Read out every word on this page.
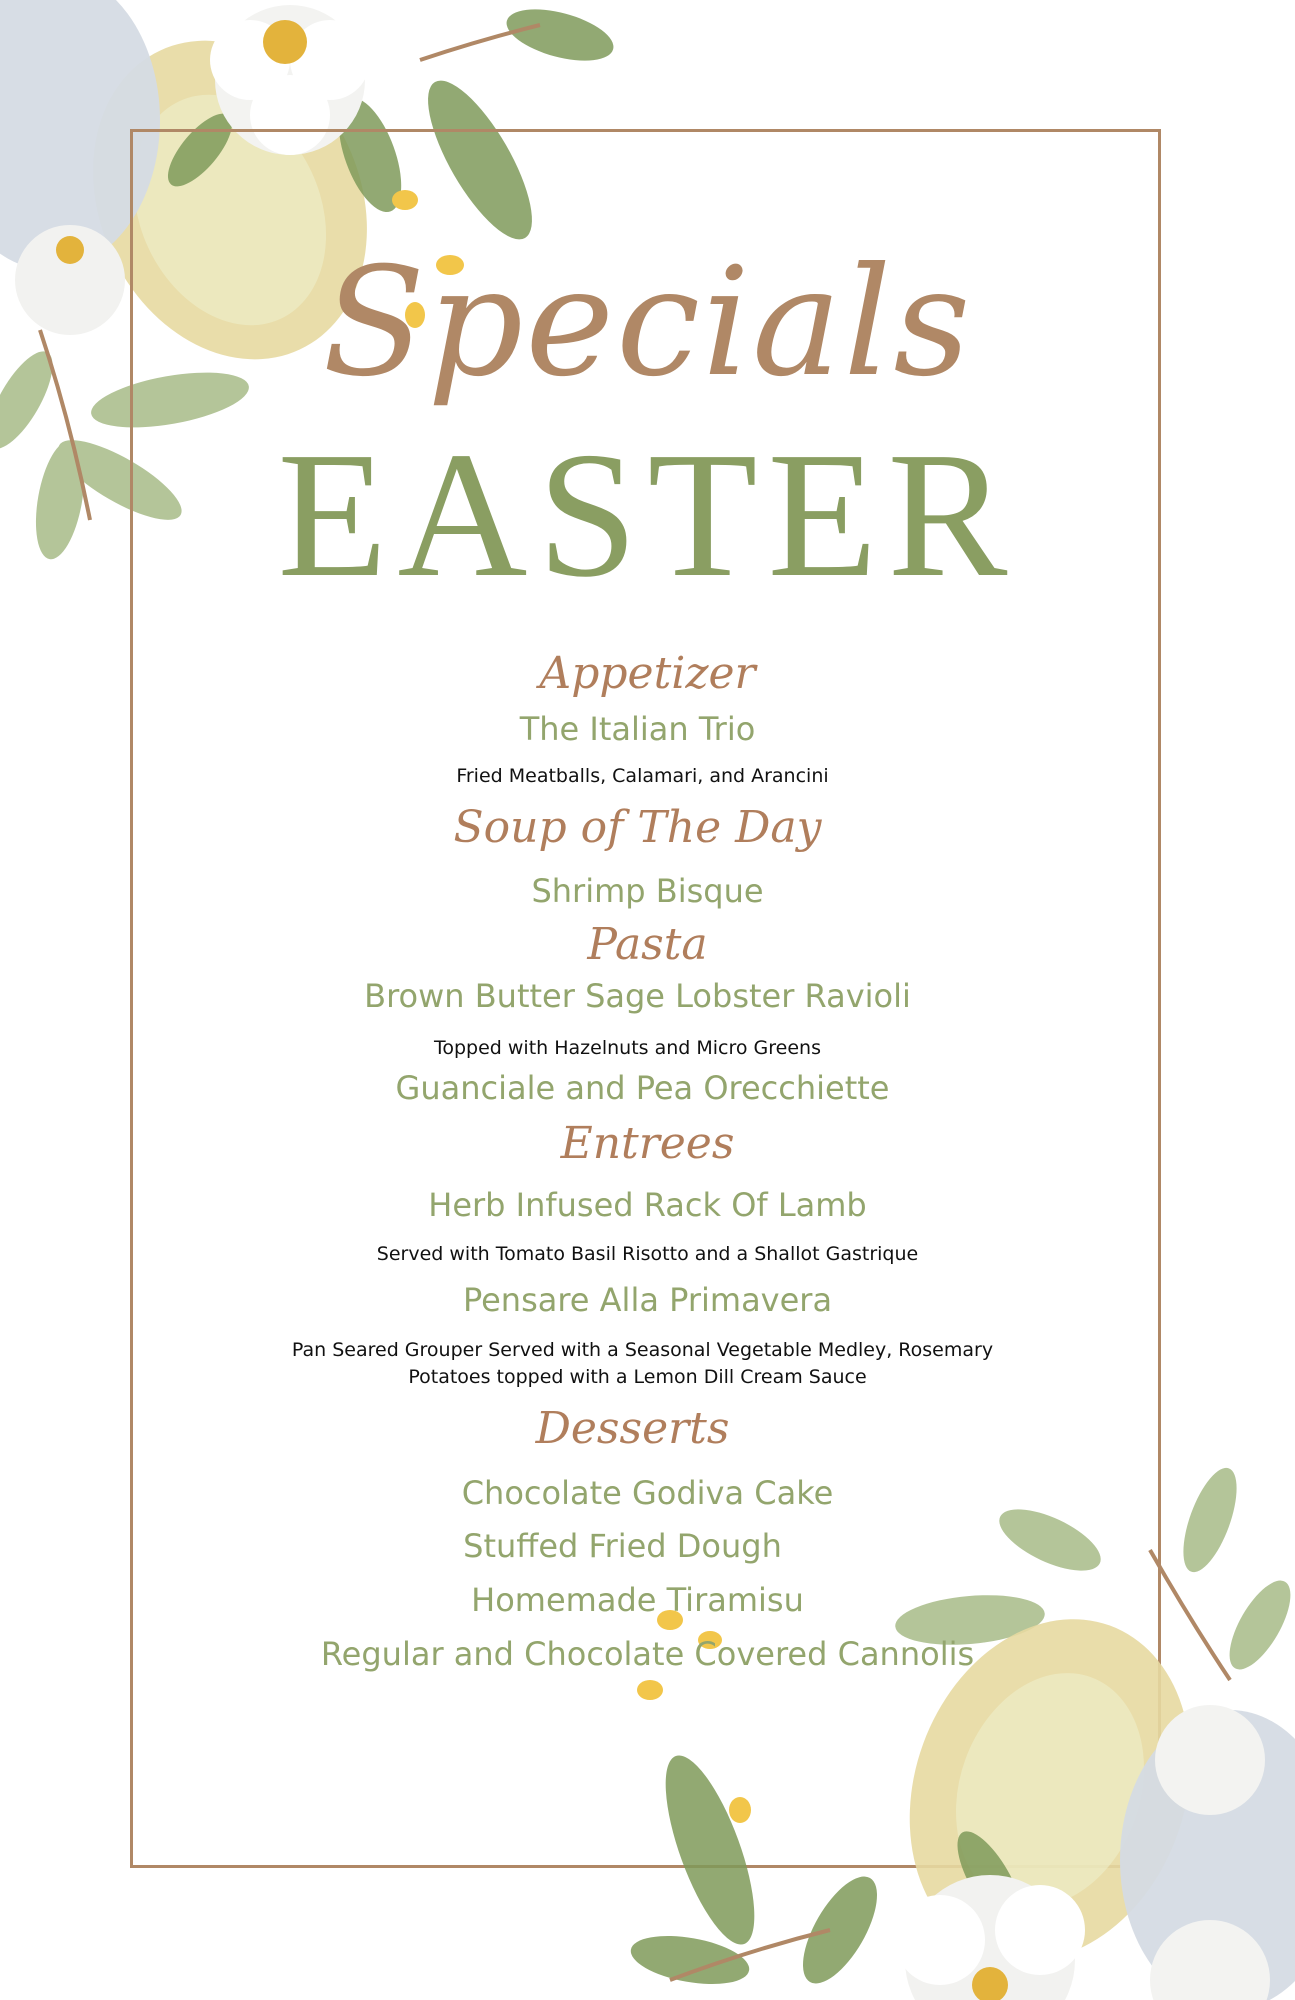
EASTER
Specials
Appetizer
The Italian Trio
Fried Meatballs, Calamari, and Arancini
Soup of The Day
Shrimp Bisque
Pasta
Brown Butter Sage Lobster Ravioli
Topped with Hazelnuts and Micro Greens
Guanciale and Pea Orecchiette
Entrees
Herb Infused Rack Of Lamb
Served with Tomato Basil Risotto and a Shallot Gastrique
Pensare Alla Primavera
Pan Seared Grouper Served with a Seasonal Vegetable Medley, Rosemary
Potatoes topped with a Lemon Dill Cream Sauce
Desserts
Chocolate Godiva Cake
Stuffed Fried Dough
Homemade Tiramisu
Regular and Chocolate Covered Cannolis
